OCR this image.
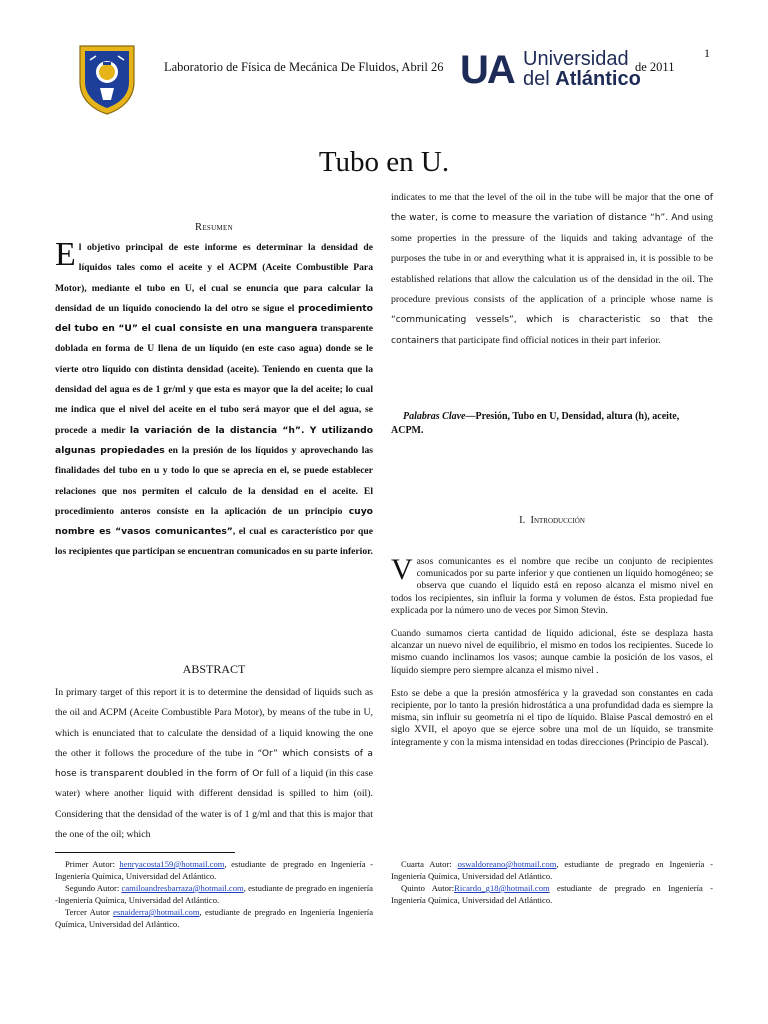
Laboratorio de Física de Mecánica De Fluidos, Abril 26 UA Universidad
del Atlántico
de 2011
1
Tubo en U.
Resumen
El objetivo principal de este informe es determinar la densidad de líquidos tales como el aceite y el ACPM (Aceite Combustible Para Motor), mediante el tubo en U, el cual se enuncia que para calcular la densidad de un líquido conociendo la del otro se sigue el procedimiento del tubo en “U” el cual consiste en una manguera transparente doblada en forma de U llena de un líquido (en este caso agua) donde se le vierte otro líquido con distinta densidad (aceite). Teniendo en cuenta que la densidad del agua es de 1 gr/ml y que esta es mayor que la del aceite; lo cual me indica que el nivel del aceite en el tubo será mayor que el del agua, se procede a medir la variación de la distancia “h”. Y utilizando algunas propiedades en la presión de los líquidos y aprovechando las finalidades del tubo en u y todo lo que se aprecia en el, se puede establecer relaciones que nos permiten el calculo de la densidad en el aceite. El procedimiento anteros consiste en la aplicación de un principio cuyo nombre es “vasos comunicantes”, el cual es característico por que los recipientes que participan se encuentran comunicados en su parte inferior.
ABSTRACT
In primary target of this report it is to determine the densidad of liquids such as the oil and ACPM (Aceite Combustible Para Motor), by means of the tube in U, which is enunciated that to calculate the densidad of a liquid knowing the one the other it follows the procedure of the tube in “Or” which consists of a hose is transparent doubled in the form of Or full of a liquid (in this case water) where another liquid with different densidad is spilled to him (oil). Considering that the densidad of the water is of 1 g/ml and that this is major that the one of the oil; which
Primer Autor: henryacosta159@hotmail.com, estudiante de pregrado en Ingeniería - Ingeniería Química, Universidad del Atlántico.
Segundo Autor: camiloandresbarraza@hotmail.com, estudiante de pregrado en ingeniería -Ingeniería Química, Universidad del Atlántico.
Tercer Autor esnaiderra@hotmail.com, estudiante de pregrado en Ingeniería Ingeniería Química, Universidad del Atlántico.
indicates to me that the level of the oil in the tube will be major that the one of the water, is come to measure the variation of distance “h”. And using some properties in the pressure of the liquids and taking advantage of the purposes the tube in or and everything what it is appraised in, it is possible to be established relations that allow the calculation us of the densidad in the oil. The procedure previous consists of the application of a principle whose name is “communicating vessels”, which is characteristic so that the containers that participate find official notices in their part inferior.
Palabras Clave—Presión, Tubo en U, Densidad, altura (h), aceite, ACPM.
I. Introducción

Vasos comunicantes es el nombre que recibe un conjunto de recipientes comunicados por su parte inferior y que contienen un líquido homogéneo; se observa que cuando el líquido está en reposo alcanza el mismo nivel en todos los recipientes, sin influir la forma y volumen de éstos. Esta propiedad fue explicada por la número uno de veces por Simon Stevin.

Cuando sumamos cierta cantidad de líquido adicional, éste se desplaza hasta alcanzar un nuevo nivel de equilibrio, el mismo en todos los recipientes. Sucede lo mismo cuando inclinamos los vasos; aunque cambie la posición de los vasos, el líquido siempre pero siempre alcanza el mismo nivel .

Esto se debe a que la presión atmosférica y la gravedad son constantes en cada recipiente, por lo tanto la presión hidrostática a una profundidad dada es siempre la misma, sin influir su geometría ni el tipo de líquido. Blaise Pascal demostró en el siglo XVII, el apoyo que se ejerce sobre una mol de un líquido, se transmite íntegramente y con la misma intensidad en todas direcciones (Principio de Pascal).

Cuarta Autor: oswaldoreano@hotmail.com, estudiante de pregrado en Ingeniería - Ingeniería Química, Universidad del Atlántico.
Quinto Autor:Ricardo_g18@hotmail.com estudiante de pregrado en Ingeniería - Ingeniería Química, Universidad del Atlántico.
